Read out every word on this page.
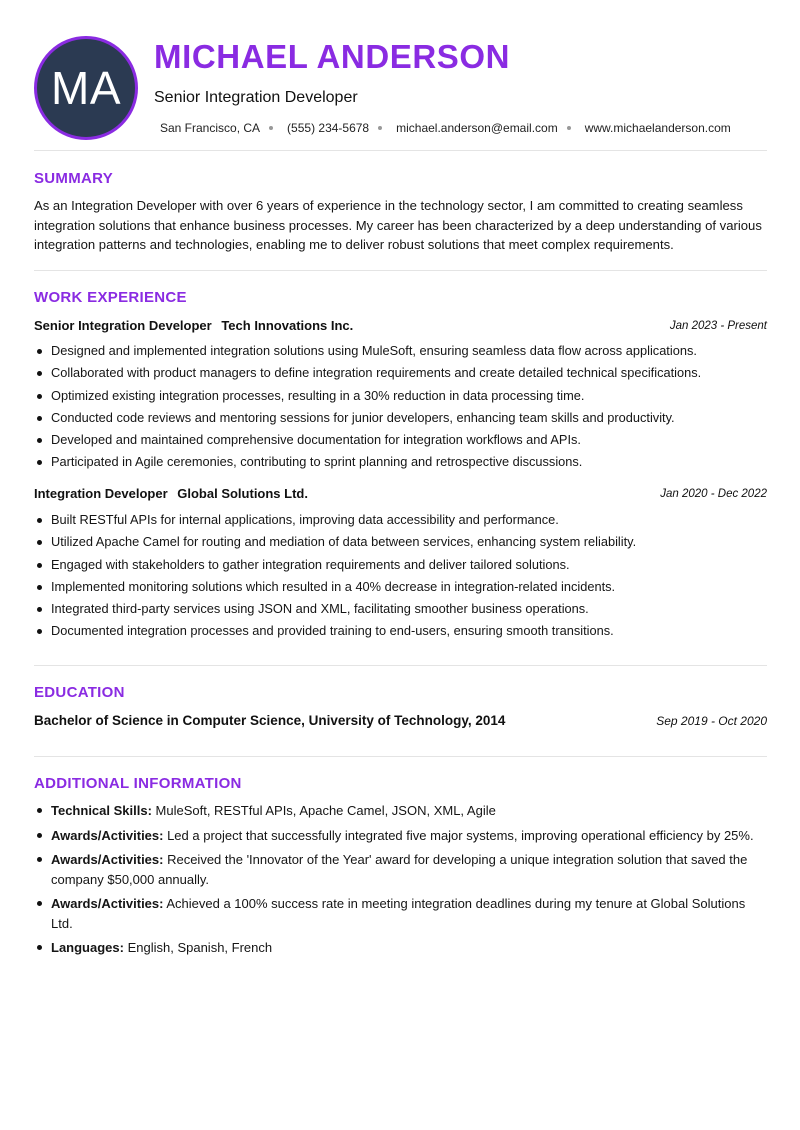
MA
MICHAEL ANDERSON
Senior Integration Developer
San Francisco, CA (555) 234-5678 michael.anderson@email.com www.michaelanderson.com
SUMMARY
As an Integration Developer with over 6 years of experience in the technology sector, I am committed to creating seamless integration solutions that enhance business processes. My career has been characterized by a deep understanding of various integration patterns and technologies, enabling me to deliver robust solutions that meet complex requirements.
WORK EXPERIENCE
Senior Integration Developer Tech Innovations Inc.	Jan 2023 - Present
Designed and implemented integration solutions using MuleSoft, ensuring seamless data flow across applications.
Collaborated with product managers to define integration requirements and create detailed technical specifications.
Optimized existing integration processes, resulting in a 30% reduction in data processing time.
Conducted code reviews and mentoring sessions for junior developers, enhancing team skills and productivity.
Developed and maintained comprehensive documentation for integration workflows and APIs.
Participated in Agile ceremonies, contributing to sprint planning and retrospective discussions.
Integration Developer Global Solutions Ltd.	Jan 2020 - Dec 2022
Built RESTful APIs for internal applications, improving data accessibility and performance.
Utilized Apache Camel for routing and mediation of data between services, enhancing system reliability.
Engaged with stakeholders to gather integration requirements and deliver tailored solutions.
Implemented monitoring solutions which resulted in a 40% decrease in integration-related incidents.
Integrated third-party services using JSON and XML, facilitating smoother business operations.
Documented integration processes and provided training to end-users, ensuring smooth transitions.
EDUCATION
Bachelor of Science in Computer Science, University of Technology, 2014	Sep 2019 - Oct 2020
ADDITIONAL INFORMATION
Technical Skills: MuleSoft, RESTful APIs, Apache Camel, JSON, XML, Agile
Awards/Activities: Led a project that successfully integrated five major systems, improving operational efficiency by 25%.
Awards/Activities: Received the 'Innovator of the Year' award for developing a unique integration solution that saved the company $50,000 annually.
Awards/Activities: Achieved a 100% success rate in meeting integration deadlines during my tenure at Global Solutions Ltd.
Languages: English, Spanish, French
